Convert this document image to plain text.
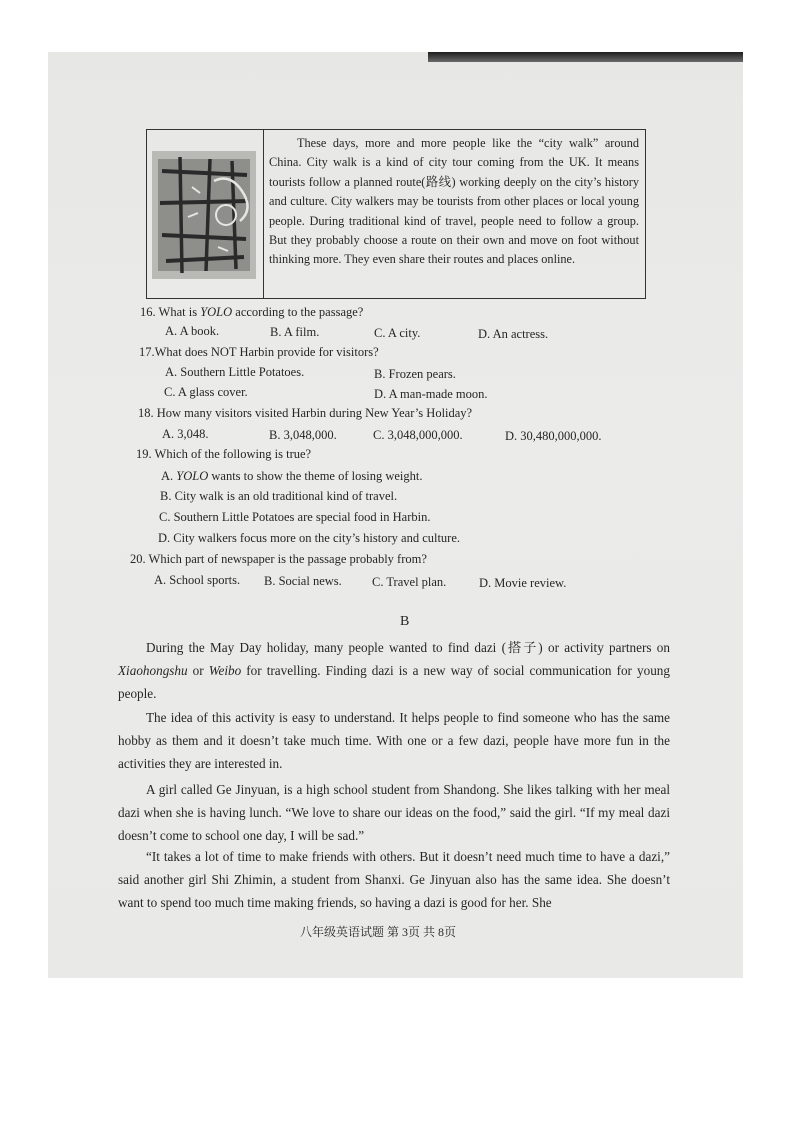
These days, more and more people like the “city walk” around China. City walk is a kind of city tour coming from the UK. It means tourists follow a planned route(路线) working deeply on the city’s history and culture. City walkers may be tourists from other places or local young people. During traditional kind of travel, people need to follow a group. But they probably choose a route on their own and move on foot without thinking more. They even share their routes and places online.
16. What is YOLO according to the passage?
A. A book.	B. A film.	C. A city.	D. An actress.
17.What does NOT Harbin provide for visitors?
A. Southern Little Potatoes.	B. Frozen pears.
C. A glass cover.	D. A man-made moon.
18. How many visitors visited Harbin during New Year’s Holiday?
A. 3,048.	B. 3,048,000.	C. 3,048,000,000.	D. 30,480,000,000.
19. Which of the following is true?
A. YOLO wants to show the theme of losing weight.
B. City walk is an old traditional kind of travel.
C. Southern Little Potatoes are special food in Harbin.
D. City walkers focus more on the city’s history and culture.
20. Which part of newspaper is the passage probably from?
A. School sports. B. Social news. C. Travel plan.	D. Movie review.
B
During the May Day holiday, many people wanted to find dazi (搭子) or activity partners on Xiaohongshu or Weibo for travelling. Finding dazi is a new way of social communication for young people.
The idea of this activity is easy to understand. It helps people to find someone who has the same hobby as them and it doesn’t take much time. With one or a few dazi, people have more fun in the activities they are interested in.
A girl called Ge Jinyuan, is a high school student from Shandong. She likes talking with her meal dazi when she is having lunch. “We love to share our ideas on the food,” said the girl. “If my meal dazi doesn’t come to school one day, I will be sad.”
“It takes a lot of time to make friends with others. But it doesn’t need much time to have a dazi,” said another girl Shi Zhimin, a student from Shanxi. Ge Jinyuan also has the same idea. She doesn’t want to spend too much time making friends, so having a dazi is good for her. She
八年级英语试题 第 3页 共 8页
